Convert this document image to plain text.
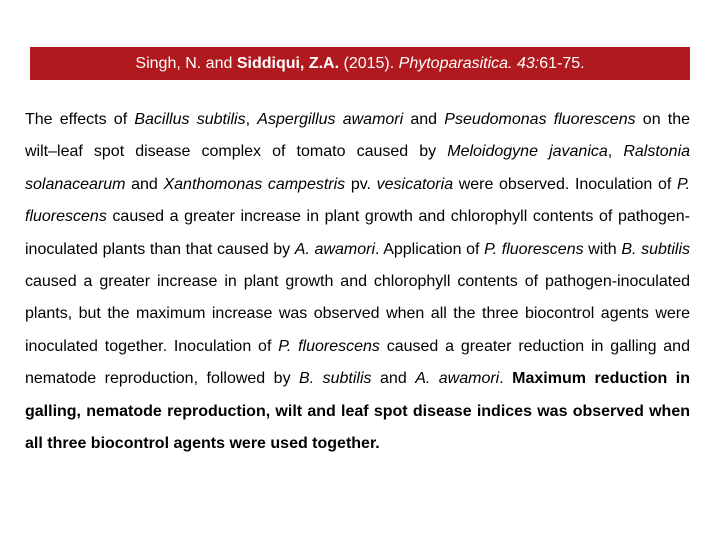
Singh, N. and Siddiqui, Z.A. (2015). Phytoparasitica. 43:61-75.

The effects of Bacillus subtilis, Aspergillus awamori and Pseudomonas fluorescens on the wilt–leaf spot disease complex of tomato caused by Meloidogyne javanica, Ralstonia solanacearum and Xanthomonas campestris pv. vesicatoria were observed. Inoculation of P. fluorescens caused a greater increase in plant growth and chlorophyll contents of pathogen-inoculated plants than that caused by A. awamori. Application of P. fluorescens with B. subtilis caused a greater increase in plant growth and chlorophyll contents of pathogen-inoculated plants, but the maximum increase was observed when all the three biocontrol agents were inoculated together. Inoculation of P. fluorescens caused a greater reduction in galling and nematode reproduction, followed by B. subtilis and A. awamori. Maximum reduction in galling, nematode reproduction, wilt and leaf spot disease indices was observed when all three biocontrol agents were used together.
